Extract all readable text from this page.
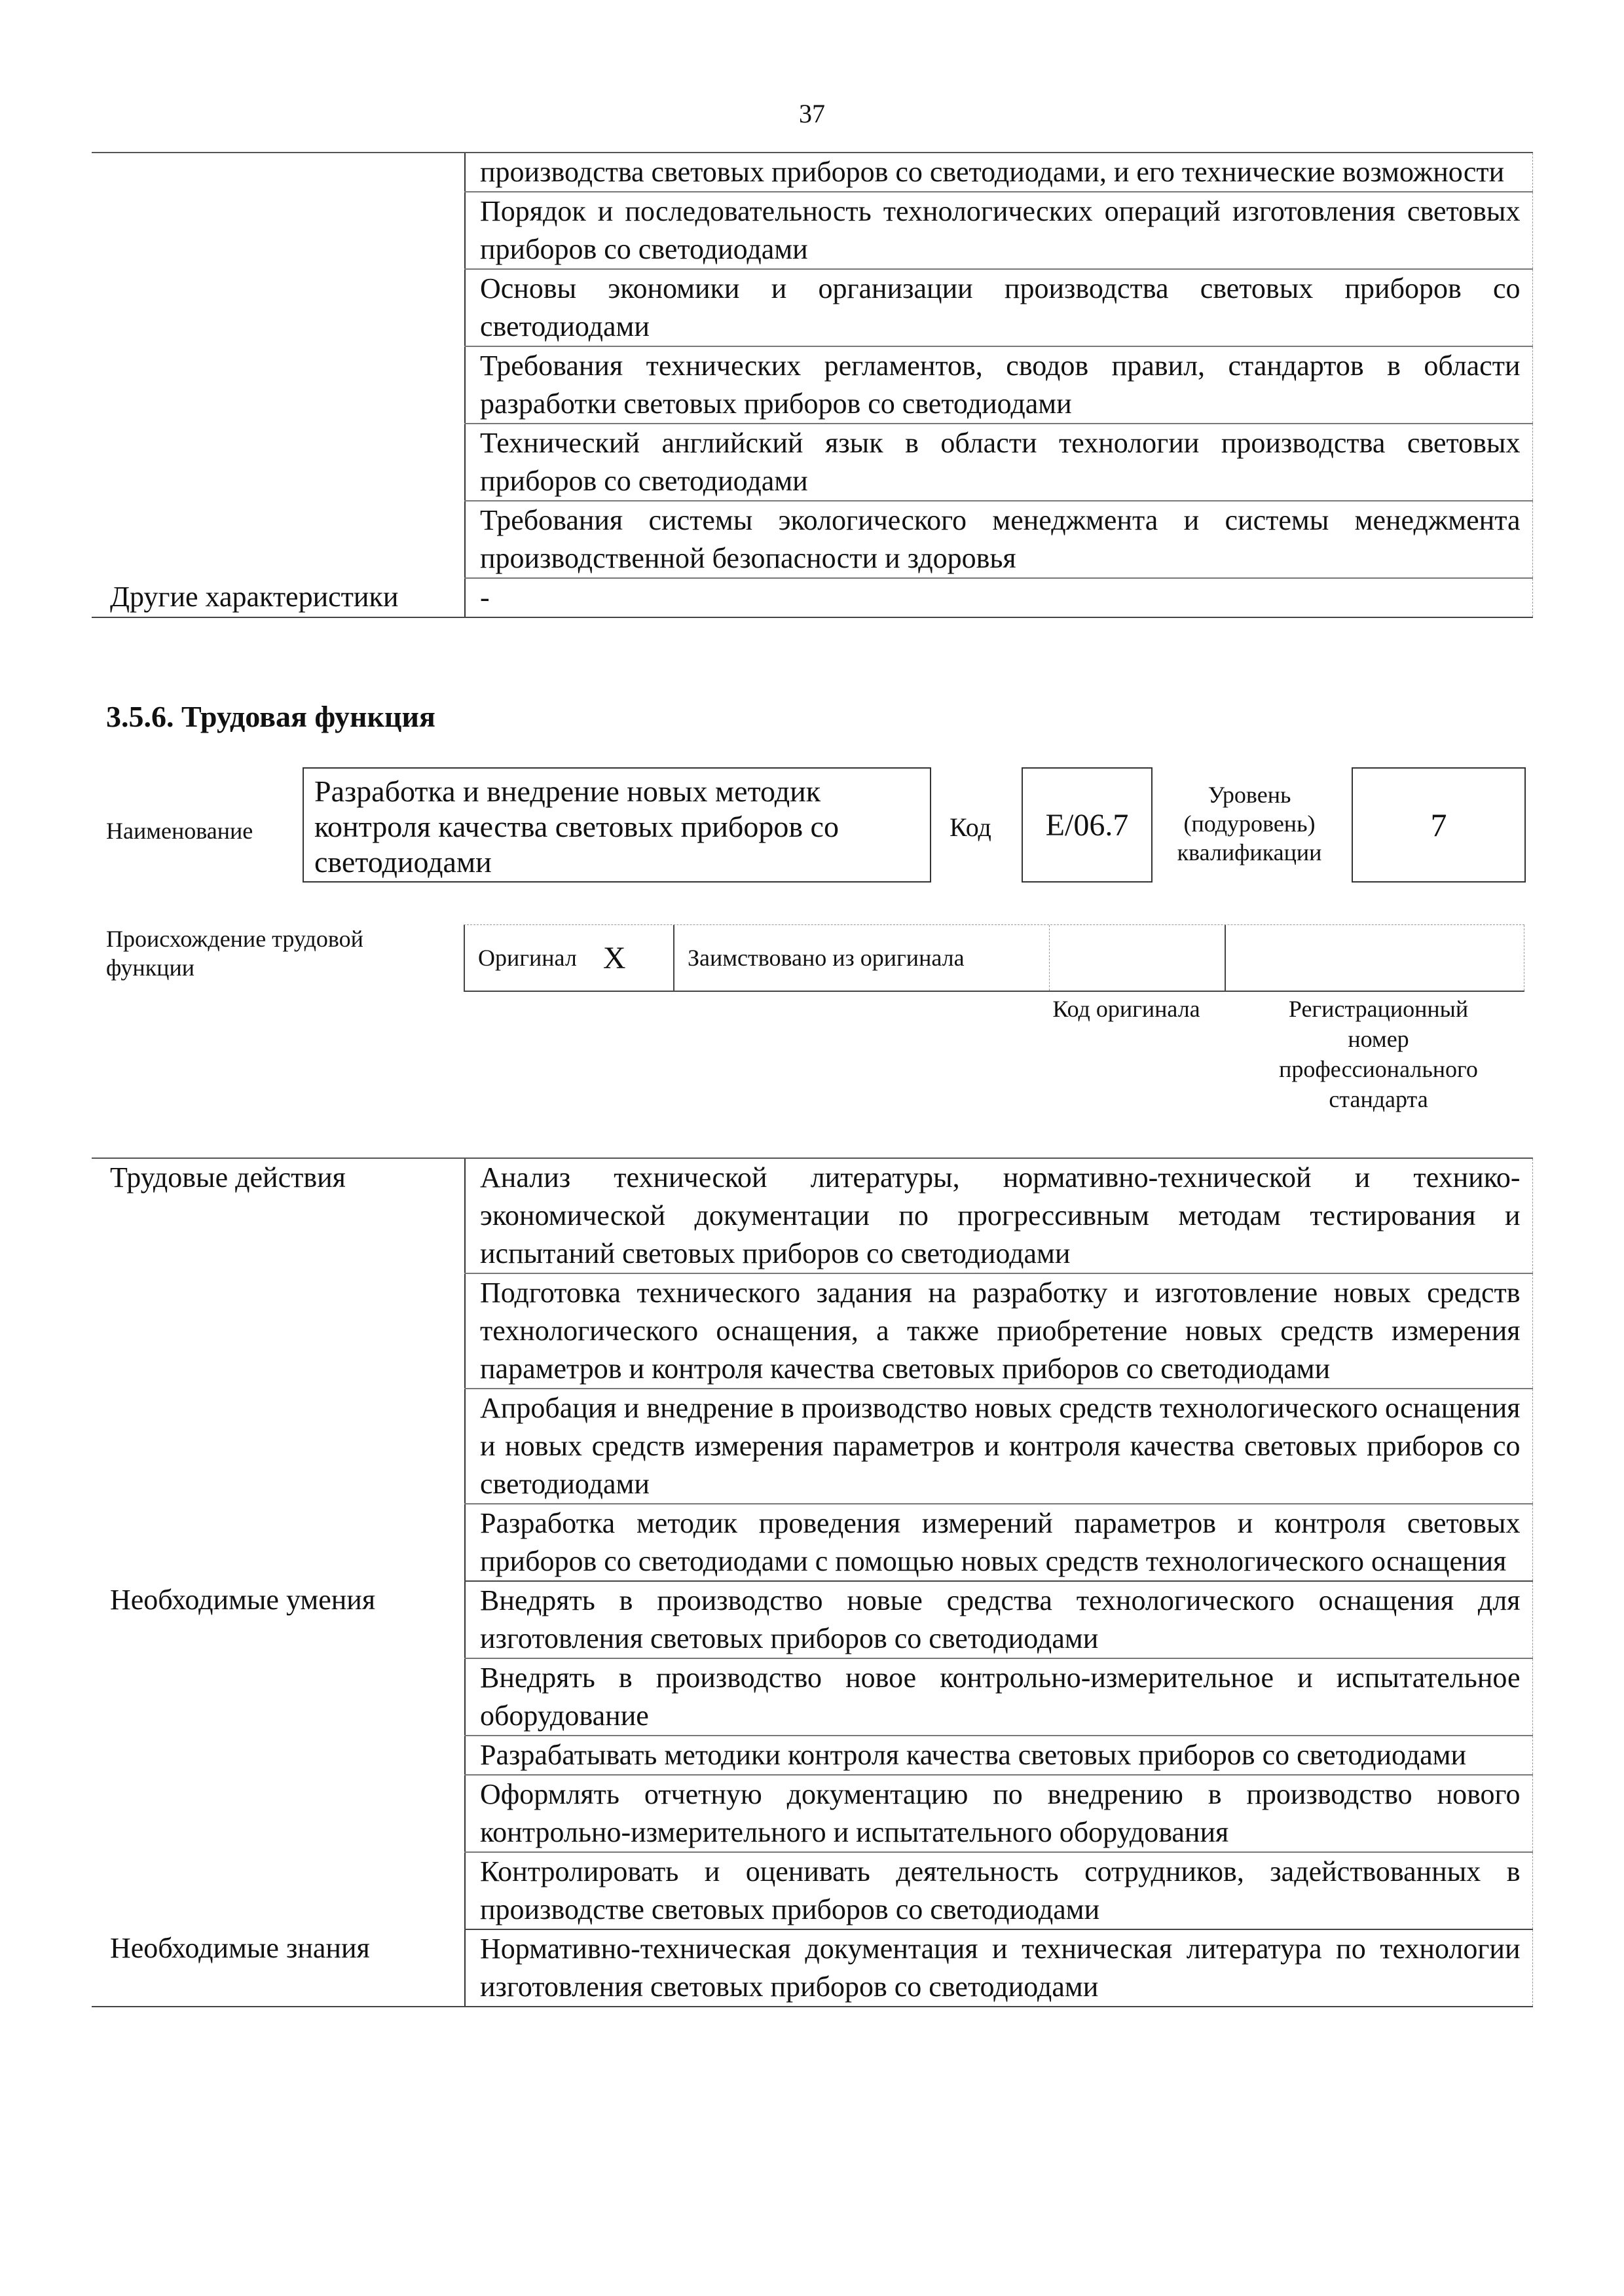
37
	производства световых приборов со светодиодами, и его технические возможности
	Порядок и последовательность технологических операций изготовления световых приборов со светодиодами
	Основы экономики и организации производства световых приборов со светодиодами
	Требования технических регламентов, сводов правил, стандартов в области разработки световых приборов со светодиодами
	Технический английский язык в области технологии производства световых приборов со светодиодами
	Требования системы экологического менеджмента и системы менеджмента производственной безопасности и здоровья
Другие характеристики	-
3.5.6. Трудовая функция
Наименование
Разработка и внедрение новых методик контроля качества световых приборов со светодиодами
Код	E/06.7
Уровень (подуровень) квалификации
7
Происхождение трудовой функции	Оригинал X	Заимствовано из оригинала
Код оригинала	Регистрационный номер профессионального стандарта
Трудовые действия	Анализ технической литературы, нормативно-технической и технико-экономической документации по прогрессивным методам тестирования и испытаний световых приборов со светодиодами
	Подготовка технического задания на разработку и изготовление новых средств технологического оснащения, а также приобретение новых средств измерения параметров и контроля качества световых приборов со светодиодами
	Апробация и внедрение в производство новых средств технологического оснащения и новых средств измерения параметров и контроля качества световых приборов со светодиодами
	Разработка методик проведения измерений параметров и контроля световых приборов со светодиодами с помощью новых средств технологического оснащения
Необходимые умения	Внедрять в производство новые средства технологического оснащения для изготовления световых приборов со светодиодами
	Внедрять в производство новое контрольно-измерительное и испытательное оборудование
	Разрабатывать методики контроля качества световых приборов со светодиодами
	Оформлять отчетную документацию по внедрению в производство нового контрольно-измерительного и испытательного оборудования
	Контролировать и оценивать деятельность сотрудников, задействованных в производстве световых приборов со светодиодами
Необходимые знания	Нормативно-техническая документация и техническая литература по технологии изготовления световых приборов со светодиодами
